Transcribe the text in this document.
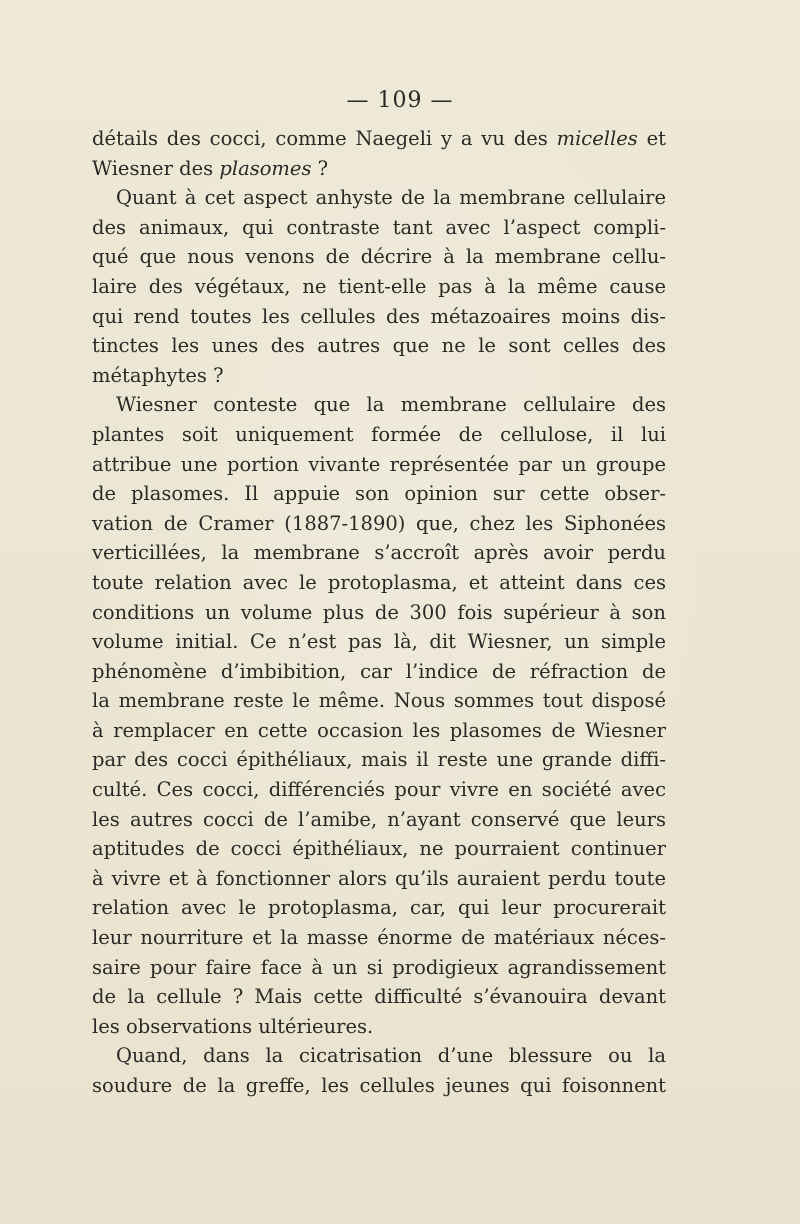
— 109 —
détails des cocci, comme Naegeli y a vu des micelles et
Wiesner des plasomes ?
Quant à cet aspect anhyste de la membrane cellulaire
des animaux, qui contraste tant avec l’aspect compli-
qué que nous venons de décrire à la membrane cellu-
laire des végétaux, ne tient-elle pas à la même cause
qui rend toutes les cellules des métazoaires moins dis-
tinctes les unes des autres que ne le sont celles des
métaphytes ?
Wiesner conteste que la membrane cellulaire des
plantes soit uniquement formée de cellulose, il lui
attribue une portion vivante représentée par un groupe
de plasomes. Il appuie son opinion sur cette obser-
vation de Cramer (1887-1890) que, chez les Siphonées
verticillées, la membrane s’accroît après avoir perdu
toute relation avec le protoplasma, et atteint dans ces
conditions un volume plus de 300 fois supérieur à son
volume initial. Ce n’est pas là, dit Wiesner, un simple
phénomène d’imbibition, car l’indice de réfraction de
la membrane reste le même. Nous sommes tout disposé
à remplacer en cette occasion les plasomes de Wiesner
par des cocci épithéliaux, mais il reste une grande diffi-
culté. Ces cocci, différenciés pour vivre en société avec
les autres cocci de l’amibe, n’ayant conservé que leurs
aptitudes de cocci épithéliaux, ne pourraient continuer
à vivre et à fonctionner alors qu’ils auraient perdu toute
relation avec le protoplasma, car, qui leur procurerait
leur nourriture et la masse énorme de matériaux néces-
saire pour faire face à un si prodigieux agrandissement
de la cellule ? Mais cette difficulté s’évanouira devant
les observations ultérieures.
Quand, dans la cicatrisation d’une blessure ou la
soudure de la greffe, les cellules jeunes qui foisonnent
